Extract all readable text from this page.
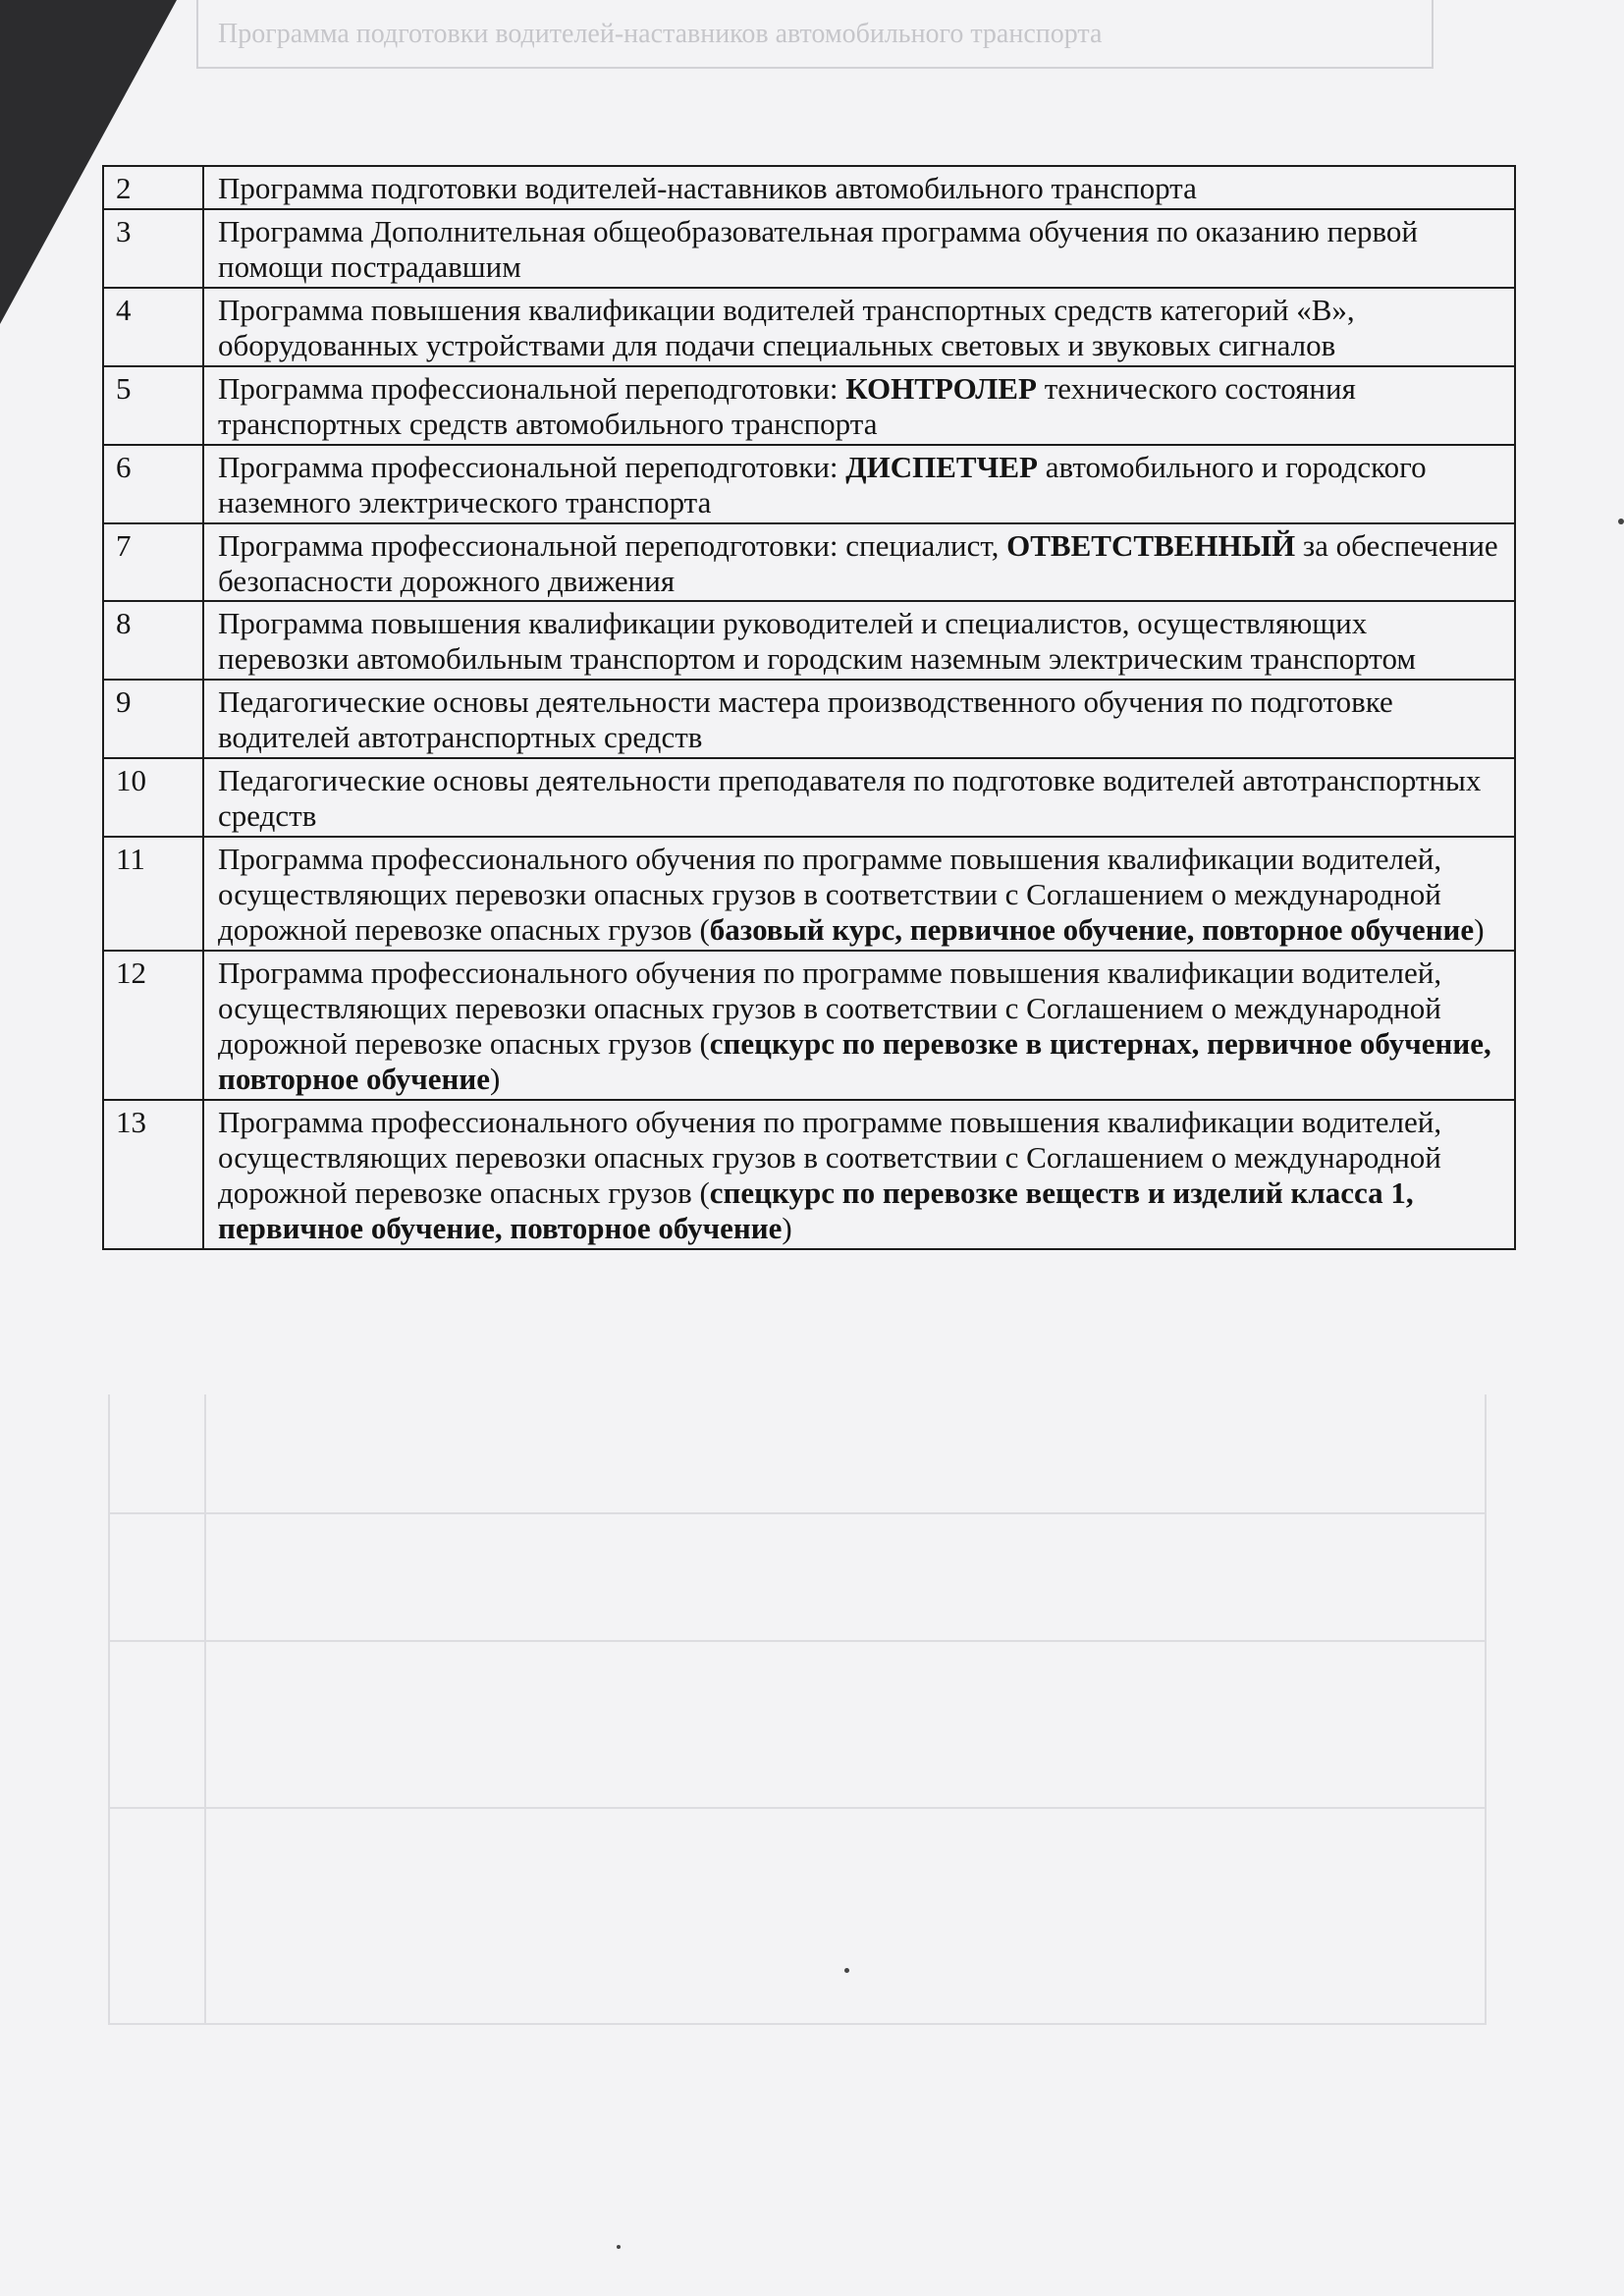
Программа подготовки водителей-наставников автомобильного транспорта
2	Программа подготовки водителей-наставников автомобильного транспорта
3	Программа Дополнительная общеобразовательная программа обучения по оказанию первой помощи пострадавшим
4	Программа повышения квалификации водителей транспортных средств категорий «В», оборудованных устройствами для подачи специальных световых и звуковых сигналов
5	Программа профессиональной переподготовки: КОНТРОЛЕР технического состояния транспортных средств автомобильного транспорта
6	Программа профессиональной переподготовки: ДИСПЕТЧЕР автомобильного и городского наземного электрического транспорта
7	Программа профессиональной переподготовки: специалист, ОТВЕТСТВЕННЫЙ за обеспечение безопасности дорожного движения
8	Программа повышения квалификации руководителей и специалистов, осуществляющих перевозки автомобильным транспортом и городским наземным электрическим транспортом
9	Педагогические основы деятельности мастера производственного обучения по подготовке водителей автотранспортных средств
10	Педагогические основы деятельности преподавателя по подготовке водителей автотранспортных средств
11	Программа профессионального обучения по программе повышения квалификации водителей, осуществляющих перевозки опасных грузов в соответствии с Соглашением о международной дорожной перевозке опасных грузов (базовый курс, первичное обучение, повторное обучение)
12	Программа профессионального обучения по программе повышения квалификации водителей, осуществляющих перевозки опасных грузов в соответствии с Соглашением о международной дорожной перевозке опасных грузов (спецкурс по перевозке в цистернах, первичное обучение, повторное обучение)
13	Программа профессионального обучения по программе повышения квалификации водителей, осуществляющих перевозки опасных грузов в соответствии с Соглашением о международной дорожной перевозке опасных грузов (спецкурс по перевозке веществ и изделий класса 1, первичное обучение, повторное обучение)
